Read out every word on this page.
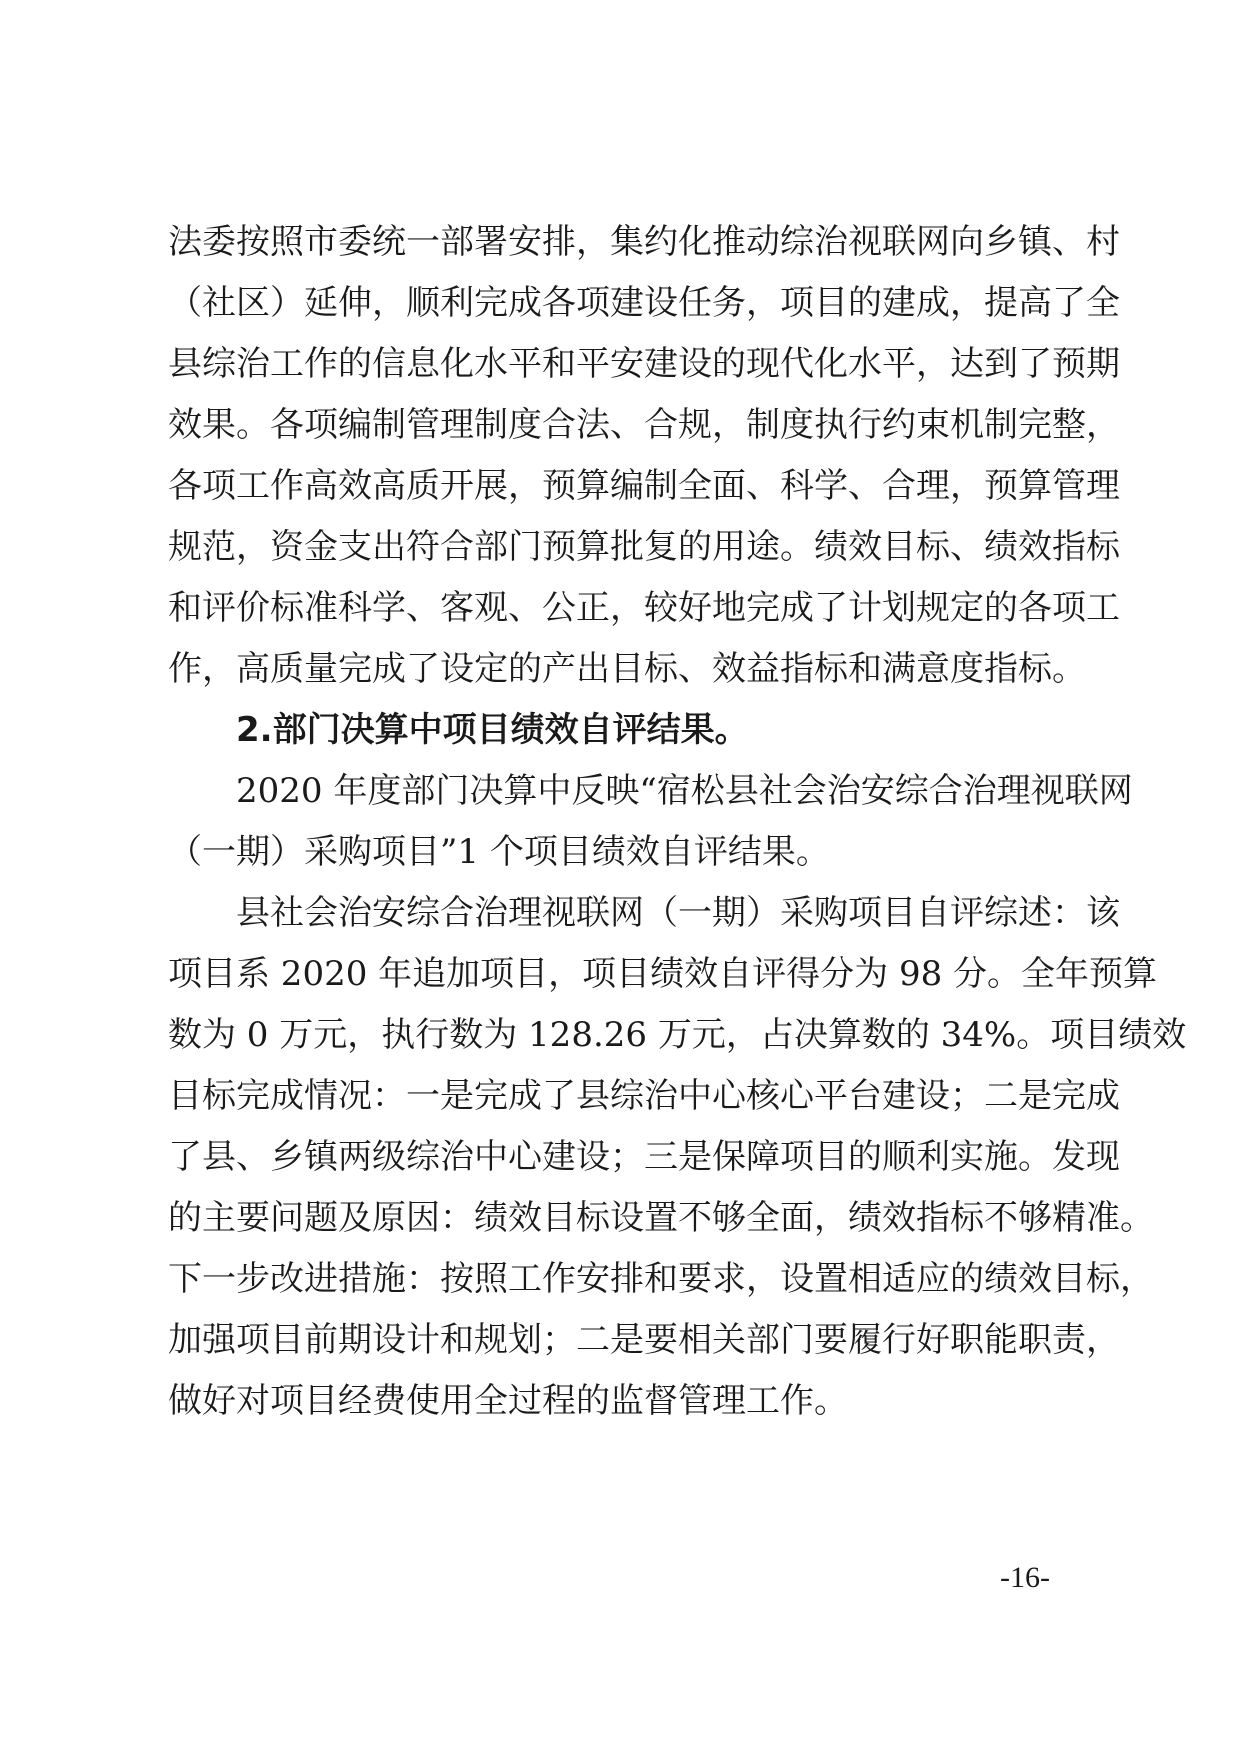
法委按照市委统一部署安排，集约化推动综治视联网向乡镇、村
（社区）延伸，顺利完成各项建设任务，项目的建成，提高了全
县综治工作的信息化水平和平安建设的现代化水平，达到了预期
效果。各项编制管理制度合法、合规，制度执行约束机制完整，
各项工作高效高质开展，预算编制全面、科学、合理，预算管理
规范，资金支出符合部门预算批复的用途。绩效目标、绩效指标
和评价标准科学、客观、公正，较好地完成了计划规定的各项工
作，高质量完成了设定的产出目标、效益指标和满意度指标。
2.部门决算中项目绩效自评结果。
2020 年度部门决算中反映“宿松县社会治安综合治理视联网
（一期）采购项目”1 个项目绩效自评结果。
县社会治安综合治理视联网（一期）采购项目自评综述：该
项目系 2020 年追加项目，项目绩效自评得分为 98 分。全年预算
数为 0 万元，执行数为 128.26 万元，占决算数的 34%。项目绩效
目标完成情况：一是完成了县综治中心核心平台建设；二是完成
了县、乡镇两级综治中心建设；三是保障项目的顺利实施。发现
的主要问题及原因：绩效目标设置不够全面，绩效指标不够精准。
下一步改进措施：按照工作安排和要求，设置相适应的绩效目标，
加强项目前期设计和规划；二是要相关部门要履行好职能职责，
做好对项目经费使用全过程的监督管理工作。
-16-
